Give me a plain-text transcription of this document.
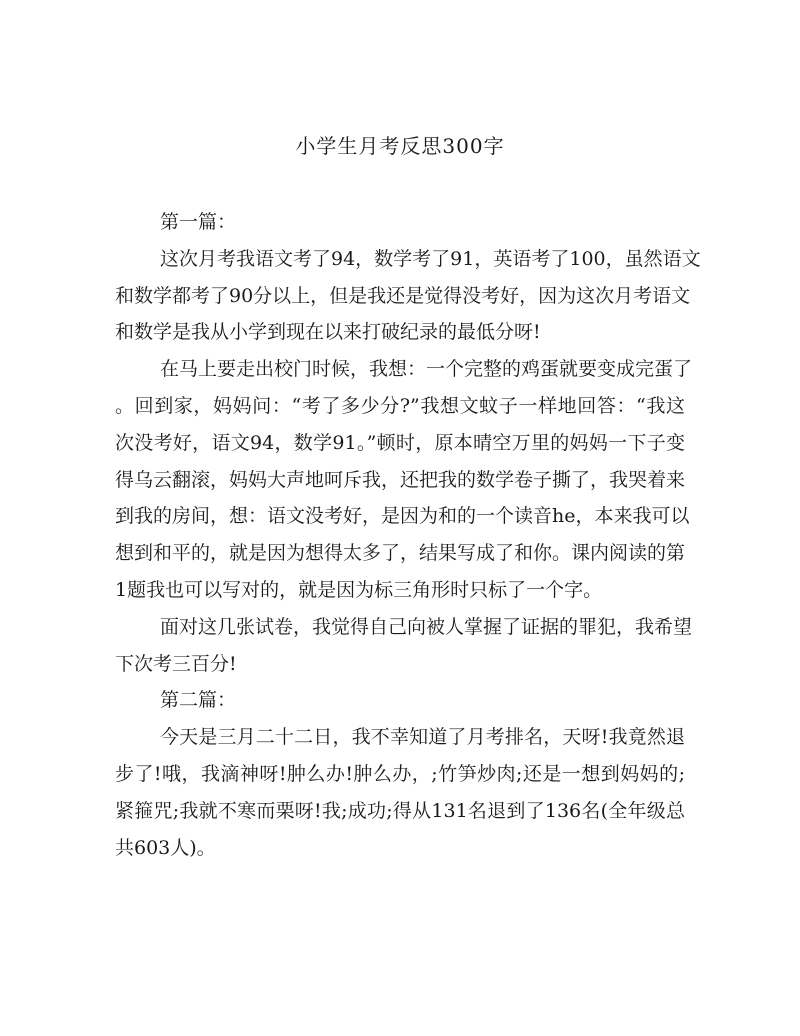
小学生月考反思300字
第一篇：
这次月考我语文考了94，数学考了91，英语考了100，虽然语文
和数学都考了90分以上，但是我还是觉得没考好，因为这次月考语文
和数学是我从小学到现在以来打破纪录的最低分呀!
在马上要走出校门时候，我想：一个完整的鸡蛋就要变成完蛋了
。回到家，妈妈问：“考了多少分?”我想文蚊子一样地回答：“我这
次没考好，语文94，数学91。”顿时，原本晴空万里的妈妈一下子变
得乌云翻滚，妈妈大声地呵斥我，还把我的数学卷子撕了，我哭着来
到我的房间，想：语文没考好，是因为和的一个读音he，本来我可以
想到和平的，就是因为想得太多了，结果写成了和你。课内阅读的第
1题我也可以写对的，就是因为标三角形时只标了一个字。
面对这几张试卷，我觉得自己向被人掌握了证据的罪犯，我希望
下次考三百分!
第二篇：
今天是三月二十二日，我不幸知道了月考排名，天呀!我竟然退
步了!哦，我滴神呀!肿么办!肿么办，;竹笋炒肉;还是一想到妈妈的;
紧箍咒;我就不寒而栗呀!我;成功;得从131名退到了136名(全年级总
共603人)。
